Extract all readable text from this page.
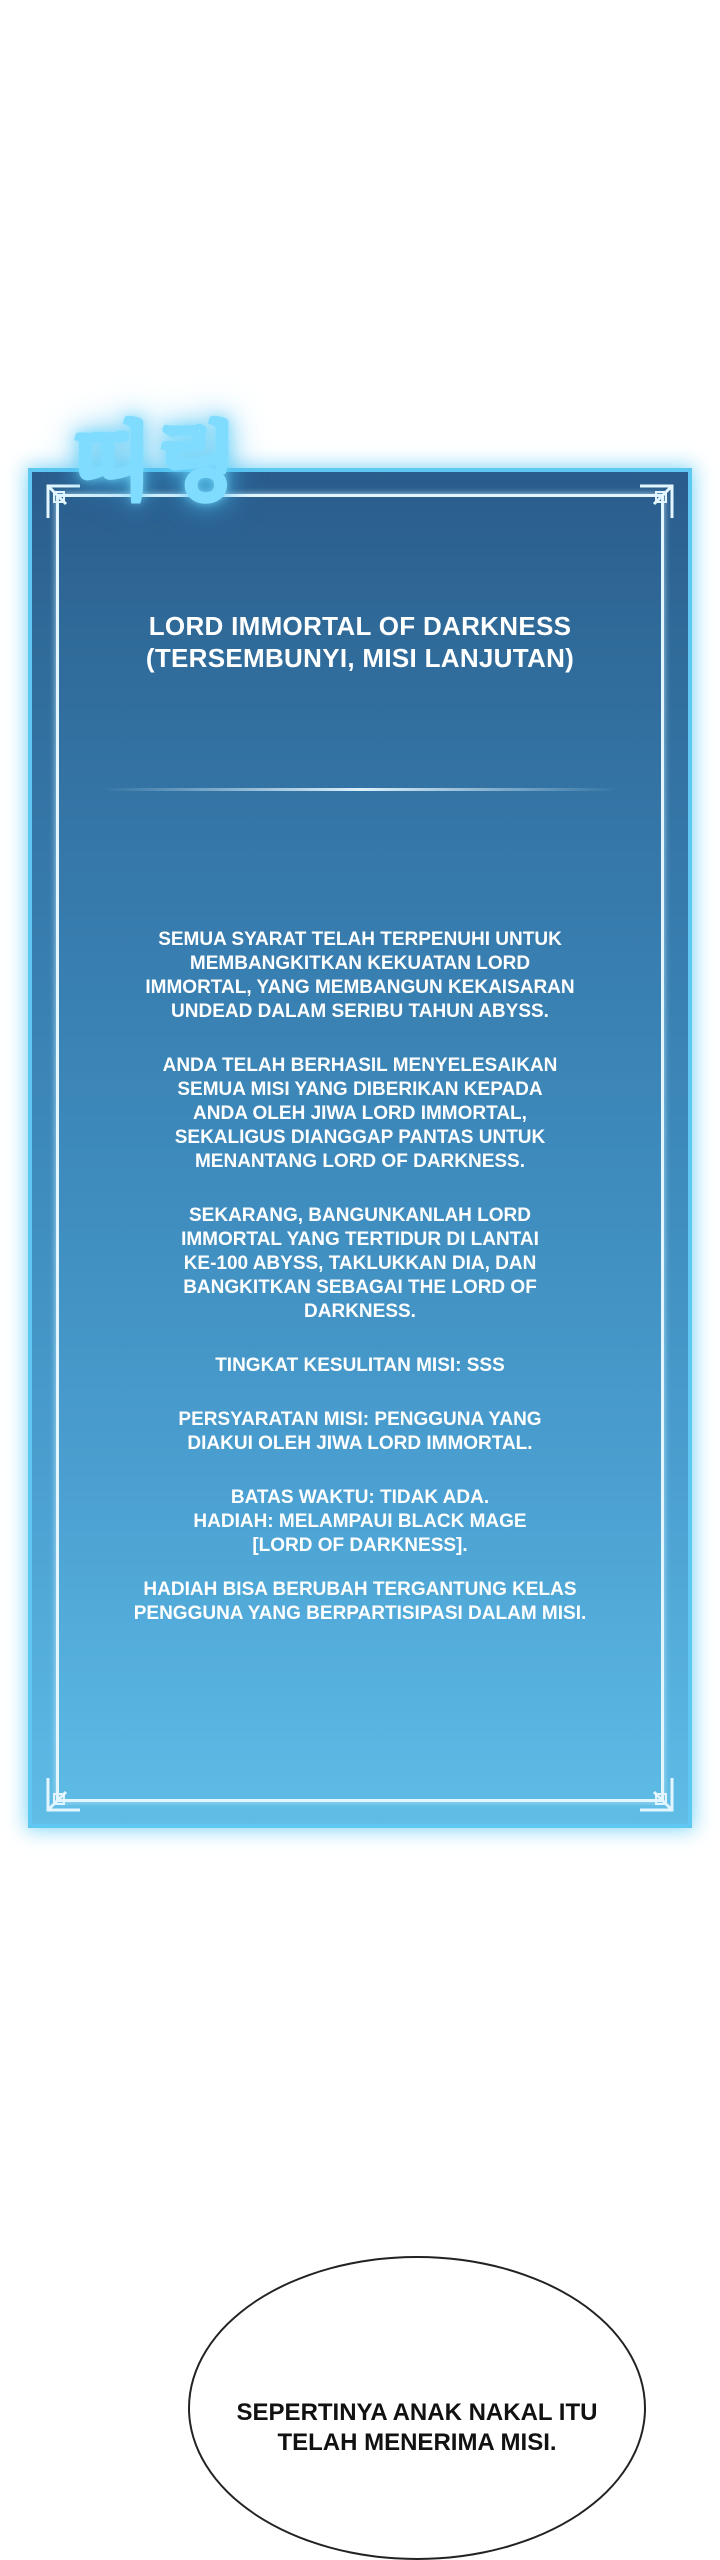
띠링
LORD IMMORTAL OF DARKNESS
(TERSEMBUNYI, MISI LANJUTAN)
SEMUA SYARAT TELAH TERPENUHI UNTUK
MEMBANGKITKAN KEKUATAN LORD
IMMORTAL, YANG MEMBANGUN KEKAISARAN
UNDEAD DALAM SERIBU TAHUN ABYSS.
ANDA TELAH BERHASIL MENYELESAIKAN
SEMUA MISI YANG DIBERIKAN KEPADA
ANDA OLEH JIWA LORD IMMORTAL,
SEKALIGUS DIANGGAP PANTAS UNTUK
MENANTANG LORD OF DARKNESS.
SEKARANG, BANGUNKANLAH LORD
IMMORTAL YANG TERTIDUR DI LANTAI
KE-100 ABYSS, TAKLUKKAN DIA, DAN
BANGKITKAN SEBAGAI THE LORD OF
DARKNESS.
TINGKAT KESULITAN MISI: SSS
PERSYARATAN MISI: PENGGUNA YANG
DIAKUI OLEH JIWA LORD IMMORTAL.
BATAS WAKTU: TIDAK ADA.
HADIAH: MELAMPAUI BLACK MAGE
[LORD OF DARKNESS].
HADIAH BISA BERUBAH TERGANTUNG KELAS
PENGGUNA YANG BERPARTISIPASI DALAM MISI.
SEPERTINYA ANAK NAKAL ITU
TELAH MENERIMA MISI.
